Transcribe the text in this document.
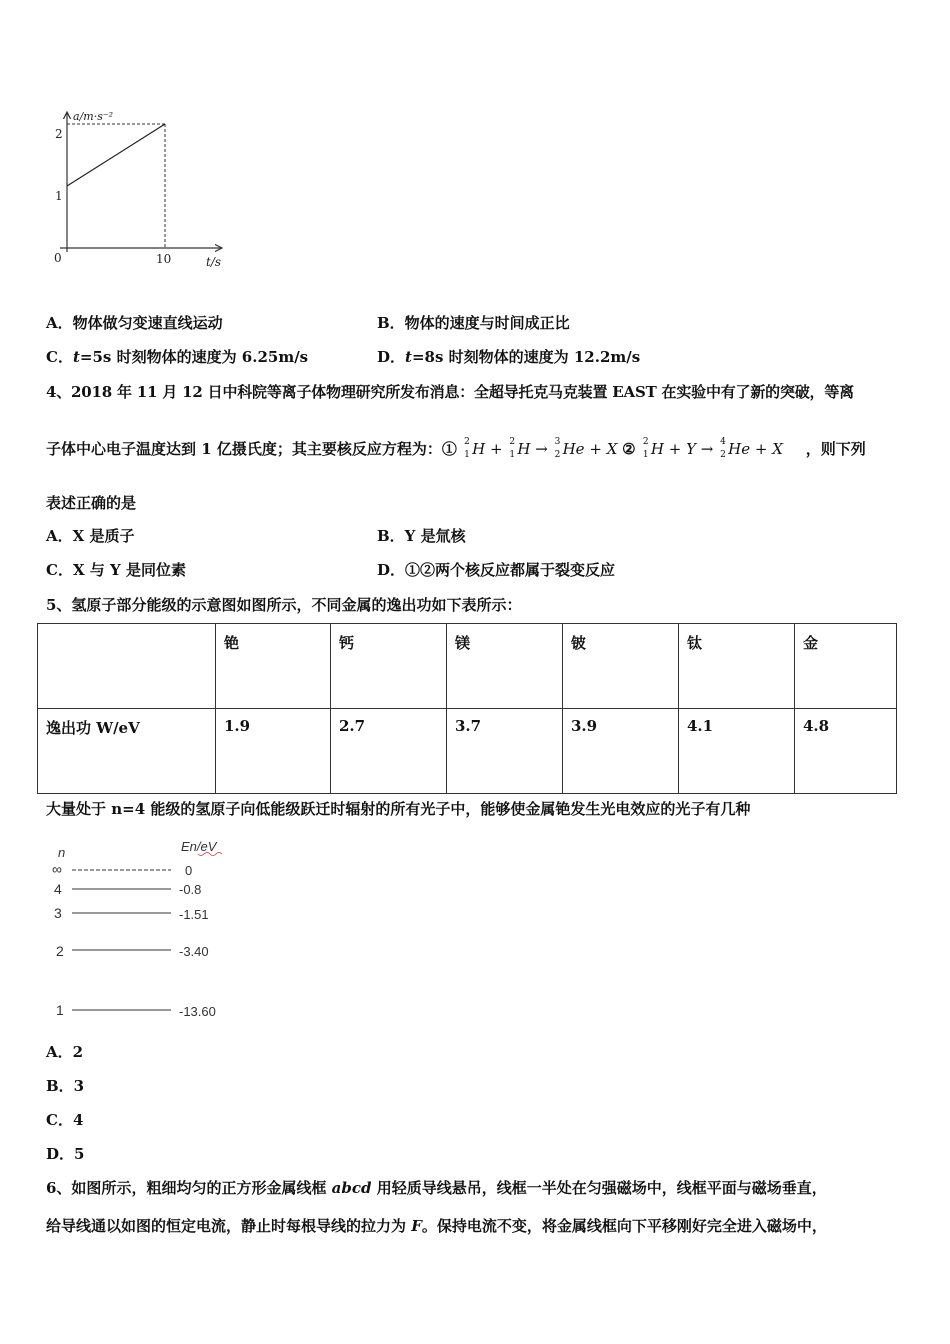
a/m·s⁻²
t/s
0
2
1
10
A．物体做匀变速直线运动	B．物体的速度与时间成正比
C．t=5s 时刻物体的速度为 6.25m/s	D．t=8s 时刻物体的速度为 12.2m/s
4、2018 年 11 月 12 日中科院等离子体物理研究所发布消息：全超导托克马克装置 EAST 在实验中有了新的突破，等离
子体中心电子温度达到 1 亿摄氏度；其主要核反应方程为：① 2
1 H + 2
1 H → 3
2 He + X ② 2
1 H + Y → 4
2 He + X ，则下列
表述正确的是
A．X 是质子	B．Y 是氚核
C．X 与 Y 是同位素	D．①②两个核反应都属于裂变反应
5、氢原子部分能级的示意图如图所示，不同金属的逸出功如下表所示：
	铯	钙	镁	铍	钛	金
逸出功 W/eV	1.9	2.7	3.7	3.9	4.1	4.8
大量处于 n=4 能级的氢原子向低能级跃迁时辐射的所有光子中，能够使金属铯发生光电效应的光子有几种
n	En/eV
∞	0
4	-0.8
3	-1.51
2	-3.40
1	-13.60
A．2
B．3
C．4
D．5
6、如图所示，粗细均匀的正方形金属线框 abcd 用轻质导线悬吊，线框一半处在匀强磁场中，线框平面与磁场垂直，
给导线通以如图的恒定电流，静止时每根导线的拉力为 F。保持电流不变，将金属线框向下平移刚好完全进入磁场中，
